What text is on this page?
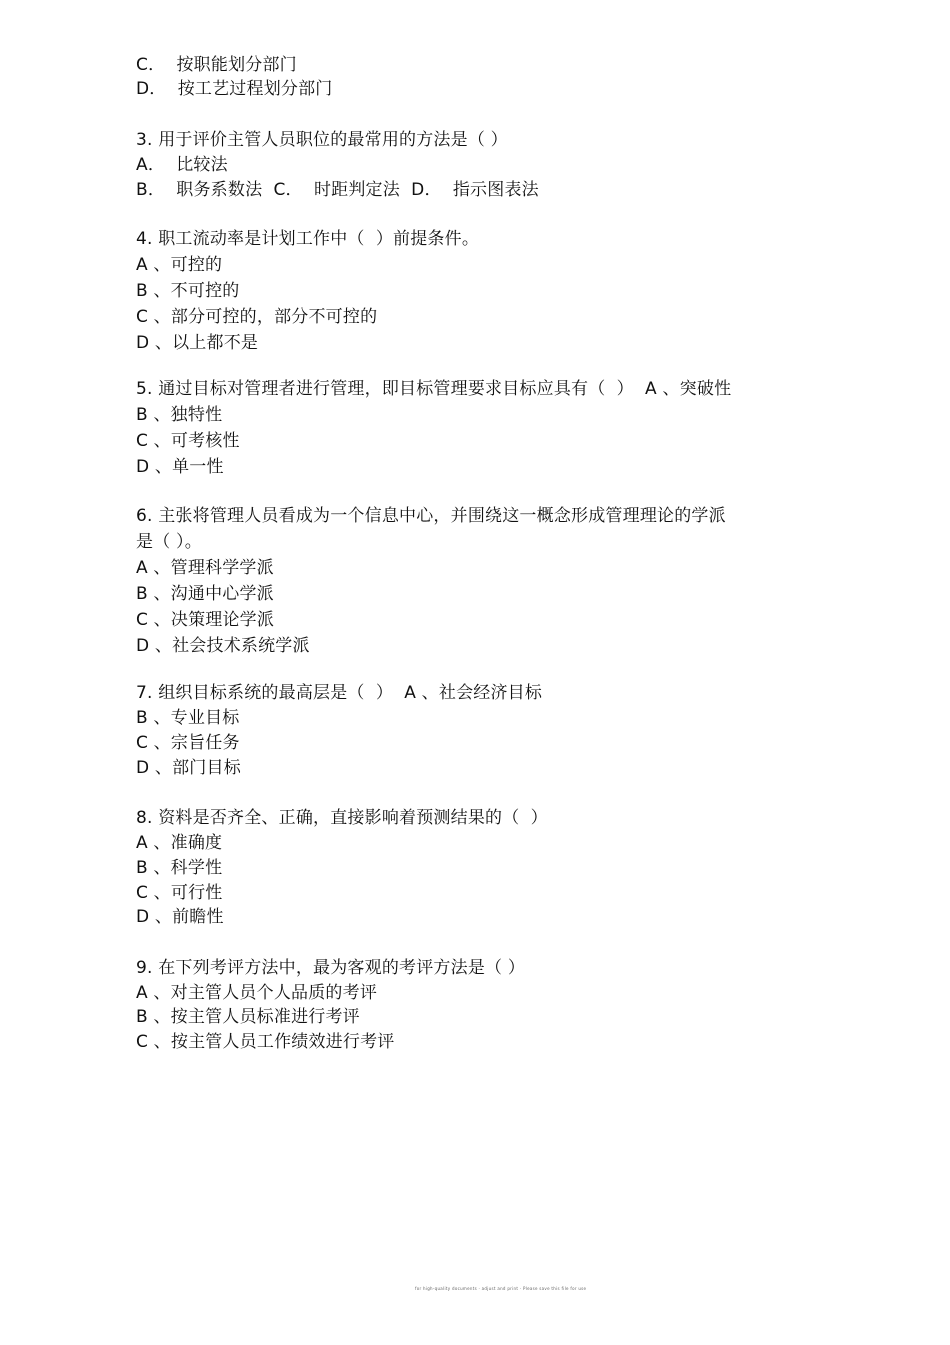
C．  按职能划分部门
D．  按工艺过程划分部门
3. 用于评价主管人员职位的最常用的方法是（ ）
A．  比较法
B．  职务系数法  C．  时距判定法  D．  指示图表法
4. 职工流动率是计划工作中（  ）前提条件。
A 、可控的
B 、不可控的
C 、部分可控的，部分不可控的
D 、以上都不是
5. 通过目标对管理者进行管理，即目标管理要求目标应具有（  ）  A 、突破性
B 、独特性
C 、可考核性
D 、单一性
6. 主张将管理人员看成为一个信息中心，并围绕这一概念形成管理理论的学派
是（ ）。
A 、管理科学学派
B 、沟通中心学派
C 、决策理论学派
D 、社会技术系统学派
7. 组织目标系统的最高层是（  ）  A 、社会经济目标
B 、专业目标
C 、宗旨任务
D 、部门目标
8. 资料是否齐全、正确，直接影响着预测结果的（  ）
A 、准确度
B 、科学性
C 、可行性
D 、前瞻性
9. 在下列考评方法中，最为客观的考评方法是（ ）
A 、对主管人员个人品质的考评
B 、按主管人员标准进行考评
C 、按主管人员工作绩效进行考评
for high-quality documents · adjust and print · Please save this file for use
